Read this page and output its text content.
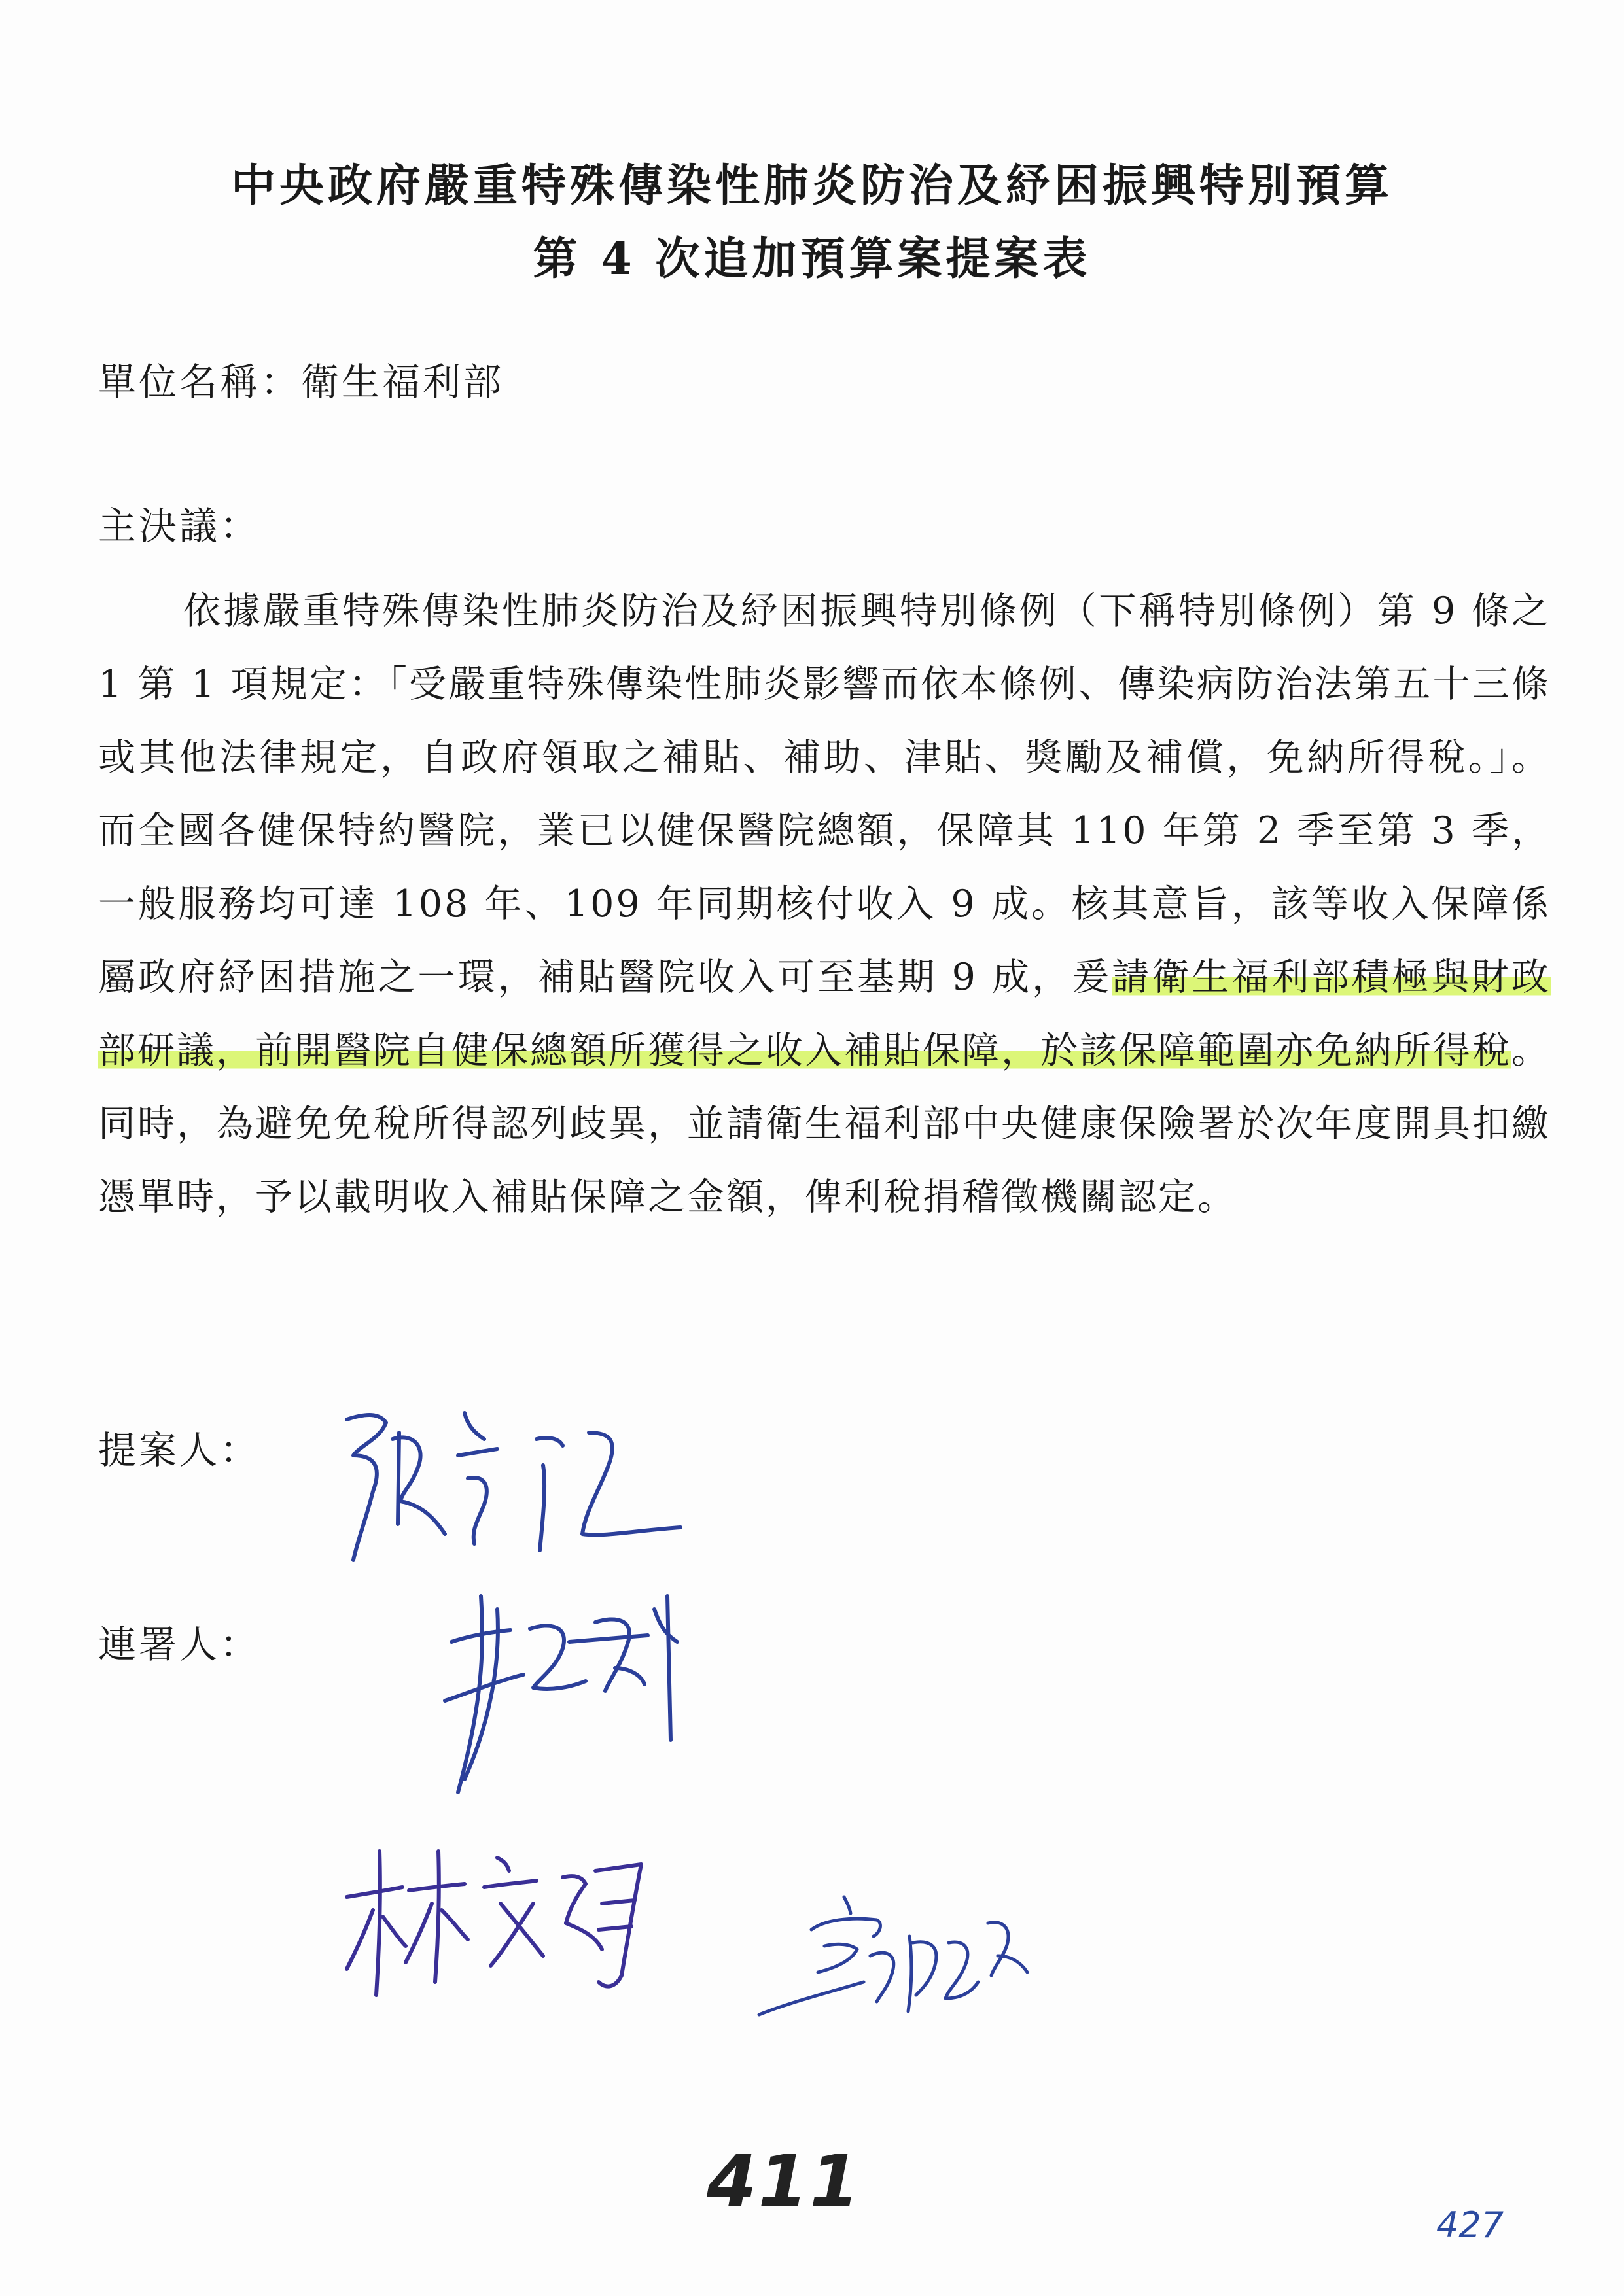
中央政府嚴重特殊傳染性肺炎防治及紓困振興特別預算
第 4 次追加預算案提案表
單位名稱：衛生福利部
主決議：

依據嚴重特殊傳染性肺炎防治及紓困振興特別條例（下稱特別條例）第 9 條之 1 第 1 項規定：「受嚴重特殊傳染性肺炎影響而依本條例、傳染病防治法第五十三條或其他法律規定，自政府領取之補貼、補助、津貼、獎勵及補償，免納所得稅。」。而全國各健保特約醫院，業已以健保醫院總額，保障其 110 年第 2 季至第 3 季，一般服務均可達 108 年、109 年同期核付收入 9 成。核其意旨，該等收入保障係屬政府紓困措施之一環，補貼醫院收入可至基期 9 成，爰請衛生福利部積極與財政部研議，前開醫院自健保總額所獲得之收入補貼保障，於該保障範圍亦免納所得稅。同時，為避免免稅所得認列歧異，並請衛生福利部中央健康保險署於次年度開具扣繳憑單時，予以載明收入補貼保障之金額，俾利稅捐稽徵機關認定。

提案人：
連署人：
411
427
